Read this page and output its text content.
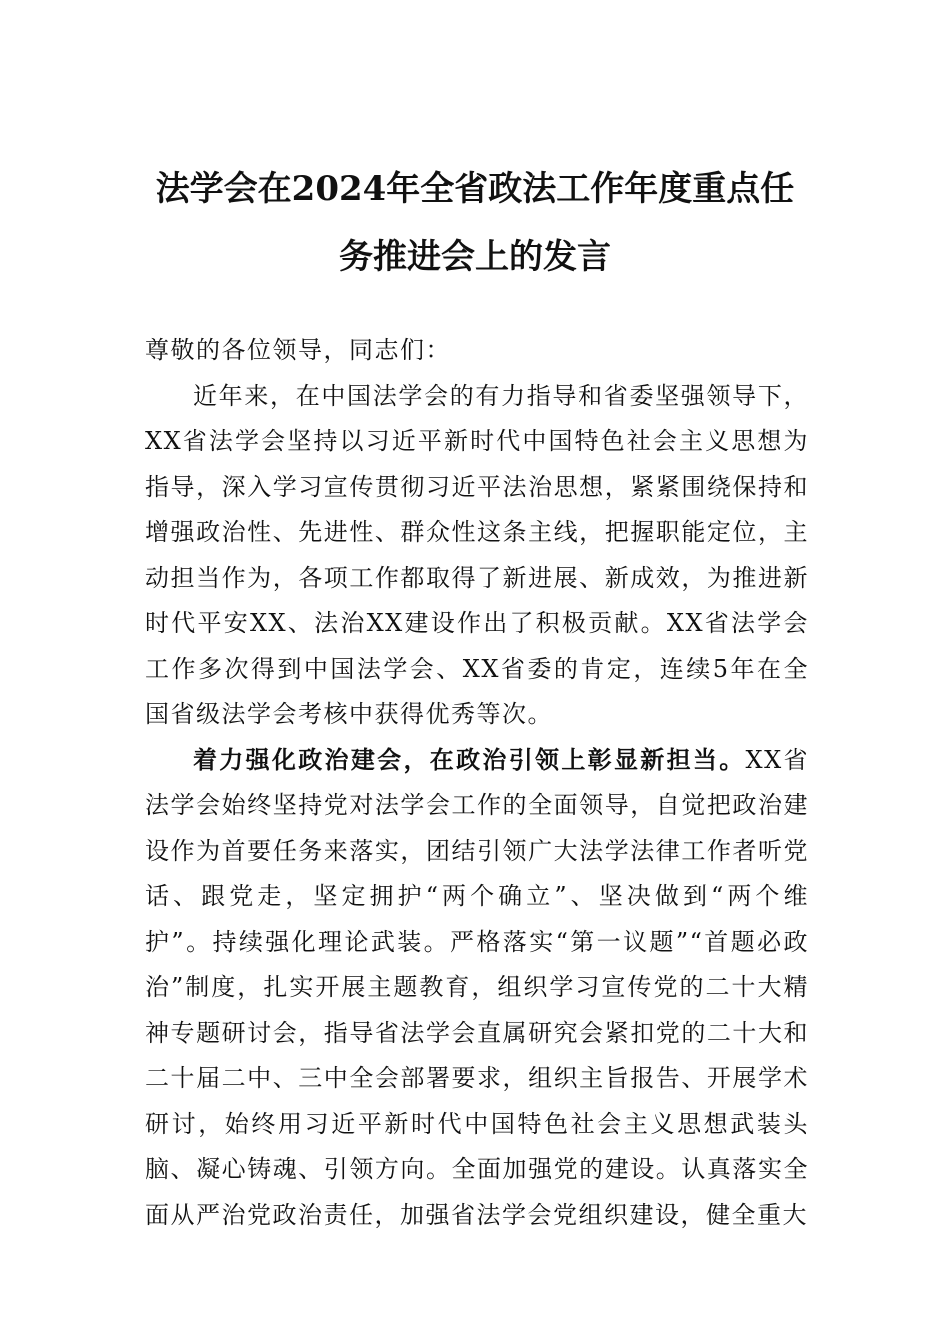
法学会在2024年全省政法工作年度重点任务推进会上的发言

尊敬的各位领导，同志们：

近年来，在中国法学会的有力指导和省委坚强领导下，XX省法学会坚持以习近平新时代中国特色社会主义思想为指导，深入学习宣传贯彻习近平法治思想，紧紧围绕保持和增强政治性、先进性、群众性这条主线，把握职能定位，主动担当作为，各项工作都取得了新进展、新成效，为推进新时代平安XX、法治XX建设作出了积极贡献。XX省法学会工作多次得到中国法学会、XX省委的肯定，连续5年在全国省级法学会考核中获得优秀等次。

着力强化政治建会，在政治引领上彰显新担当。XX省法学会始终坚持党对法学会工作的全面领导，自觉把政治建设作为首要任务来落实，团结引领广大法学法律工作者听党话、跟党走，坚定拥护“两个确立”、坚决做到“两个维护”。持续强化理论武装。严格落实“第一议题”“首题必政治”制度，扎实开展主题教育，组织学习宣传党的二十大精神专题研讨会，指导省法学会直属研究会紧扣党的二十大和二十届二中、三中全会部署要求，组织主旨报告、开展学术研讨，始终用习近平新时代中国特色社会主义思想武装头脑、凝心铸魂、引领方向。全面加强党的建设。认真落实全面从严治党政治责任，加强省法学会党组织建设，健全重大
